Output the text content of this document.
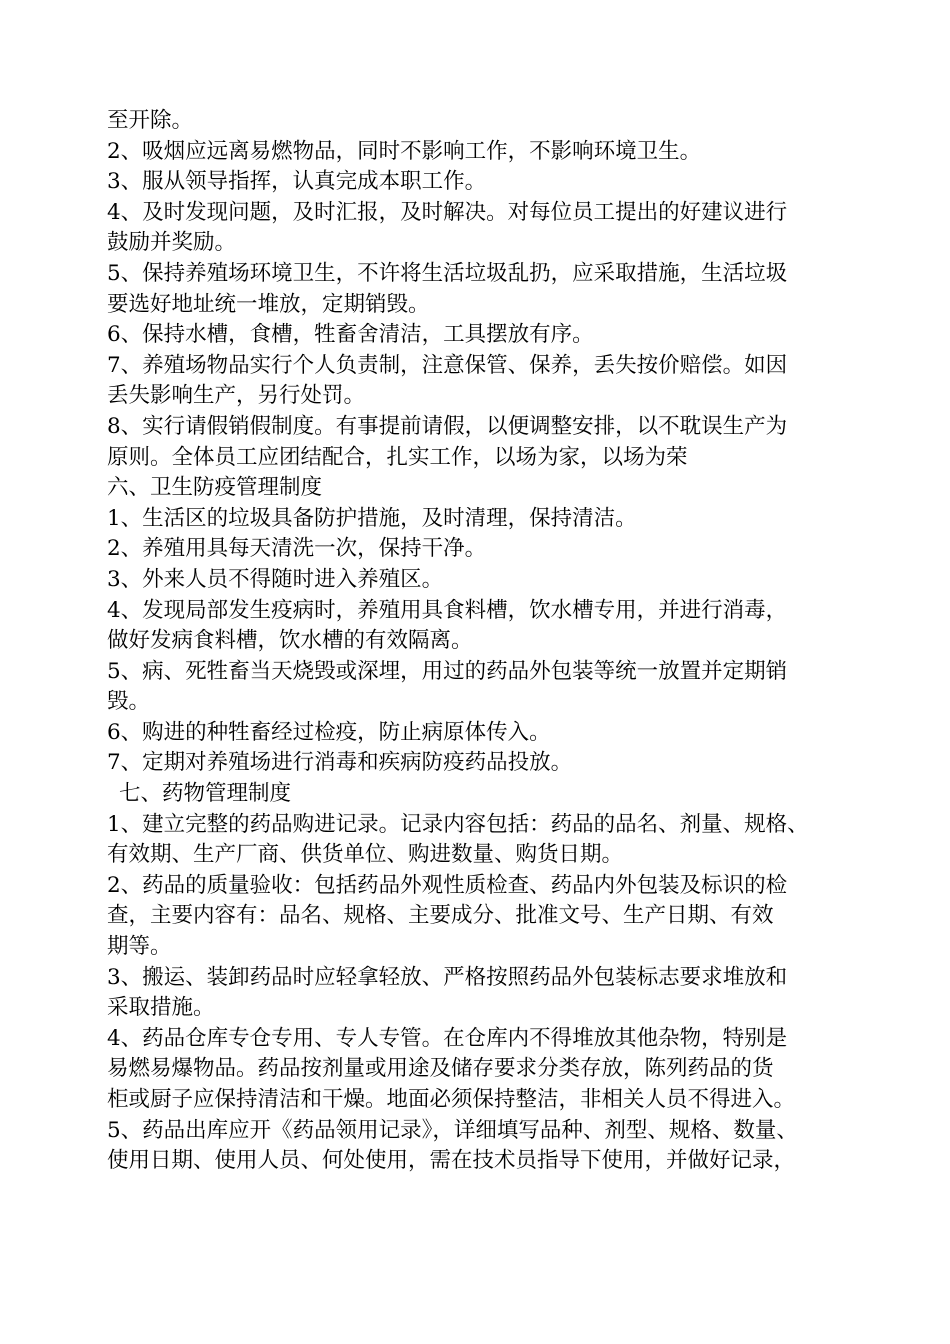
至开除。
2、吸烟应远离易燃物品，同时不影响工作，不影响环境卫生。
3、服从领导指挥，认真完成本职工作。
4、及时发现问题，及时汇报，及时解决。对每位员工提出的好建议进行
鼓励并奖励。
5、保持养殖场环境卫生，不许将生活垃圾乱扔，应采取措施，生活垃圾
要选好地址统一堆放，定期销毁。
6、保持水槽，食槽，牲畜舍清洁，工具摆放有序。
7、养殖场物品实行个人负责制，注意保管、保养，丢失按价赔偿。如因
丢失影响生产，另行处罚。
8、实行请假销假制度。有事提前请假，以便调整安排，以不耽误生产为
原则。全体员工应团结配合，扎实工作，以场为家，以场为荣
六、卫生防疫管理制度
1、生活区的垃圾具备防护措施，及时清理，保持清洁。
2、养殖用具每天清洗一次，保持干净。
3、外来人员不得随时进入养殖区。
4、发现局部发生疫病时，养殖用具食料槽，饮水槽专用，并进行消毒，
做好发病食料槽，饮水槽的有效隔离。
5、病、死牲畜当天烧毁或深埋，用过的药品外包装等统一放置并定期销
毁。
6、购进的种牲畜经过检疫，防止病原体传入。
7、定期对养殖场进行消毒和疾病防疫药品投放。
七、药物管理制度
1、建立完整的药品购进记录。记录内容包括：药品的品名、剂量、规格、
有效期、生产厂商、供货单位、购进数量、购货日期。
2、药品的质量验收：包括药品外观性质检查、药品内外包装及标识的检
查，主要内容有：品名、规格、主要成分、批准文号、生产日期、有效
期等。
3、搬运、装卸药品时应轻拿轻放、严格按照药品外包装标志要求堆放和
采取措施。
4、药品仓库专仓专用、专人专管。在仓库内不得堆放其他杂物，特别是
易燃易爆物品。药品按剂量或用途及储存要求分类存放，陈列药品的货
柜或厨子应保持清洁和干燥。地面必须保持整洁，非相关人员不得进入。
5、药品出库应开《药品领用记录》，详细填写品种、剂型、规格、数量、
使用日期、使用人员、何处使用，需在技术员指导下使用，并做好记录，
